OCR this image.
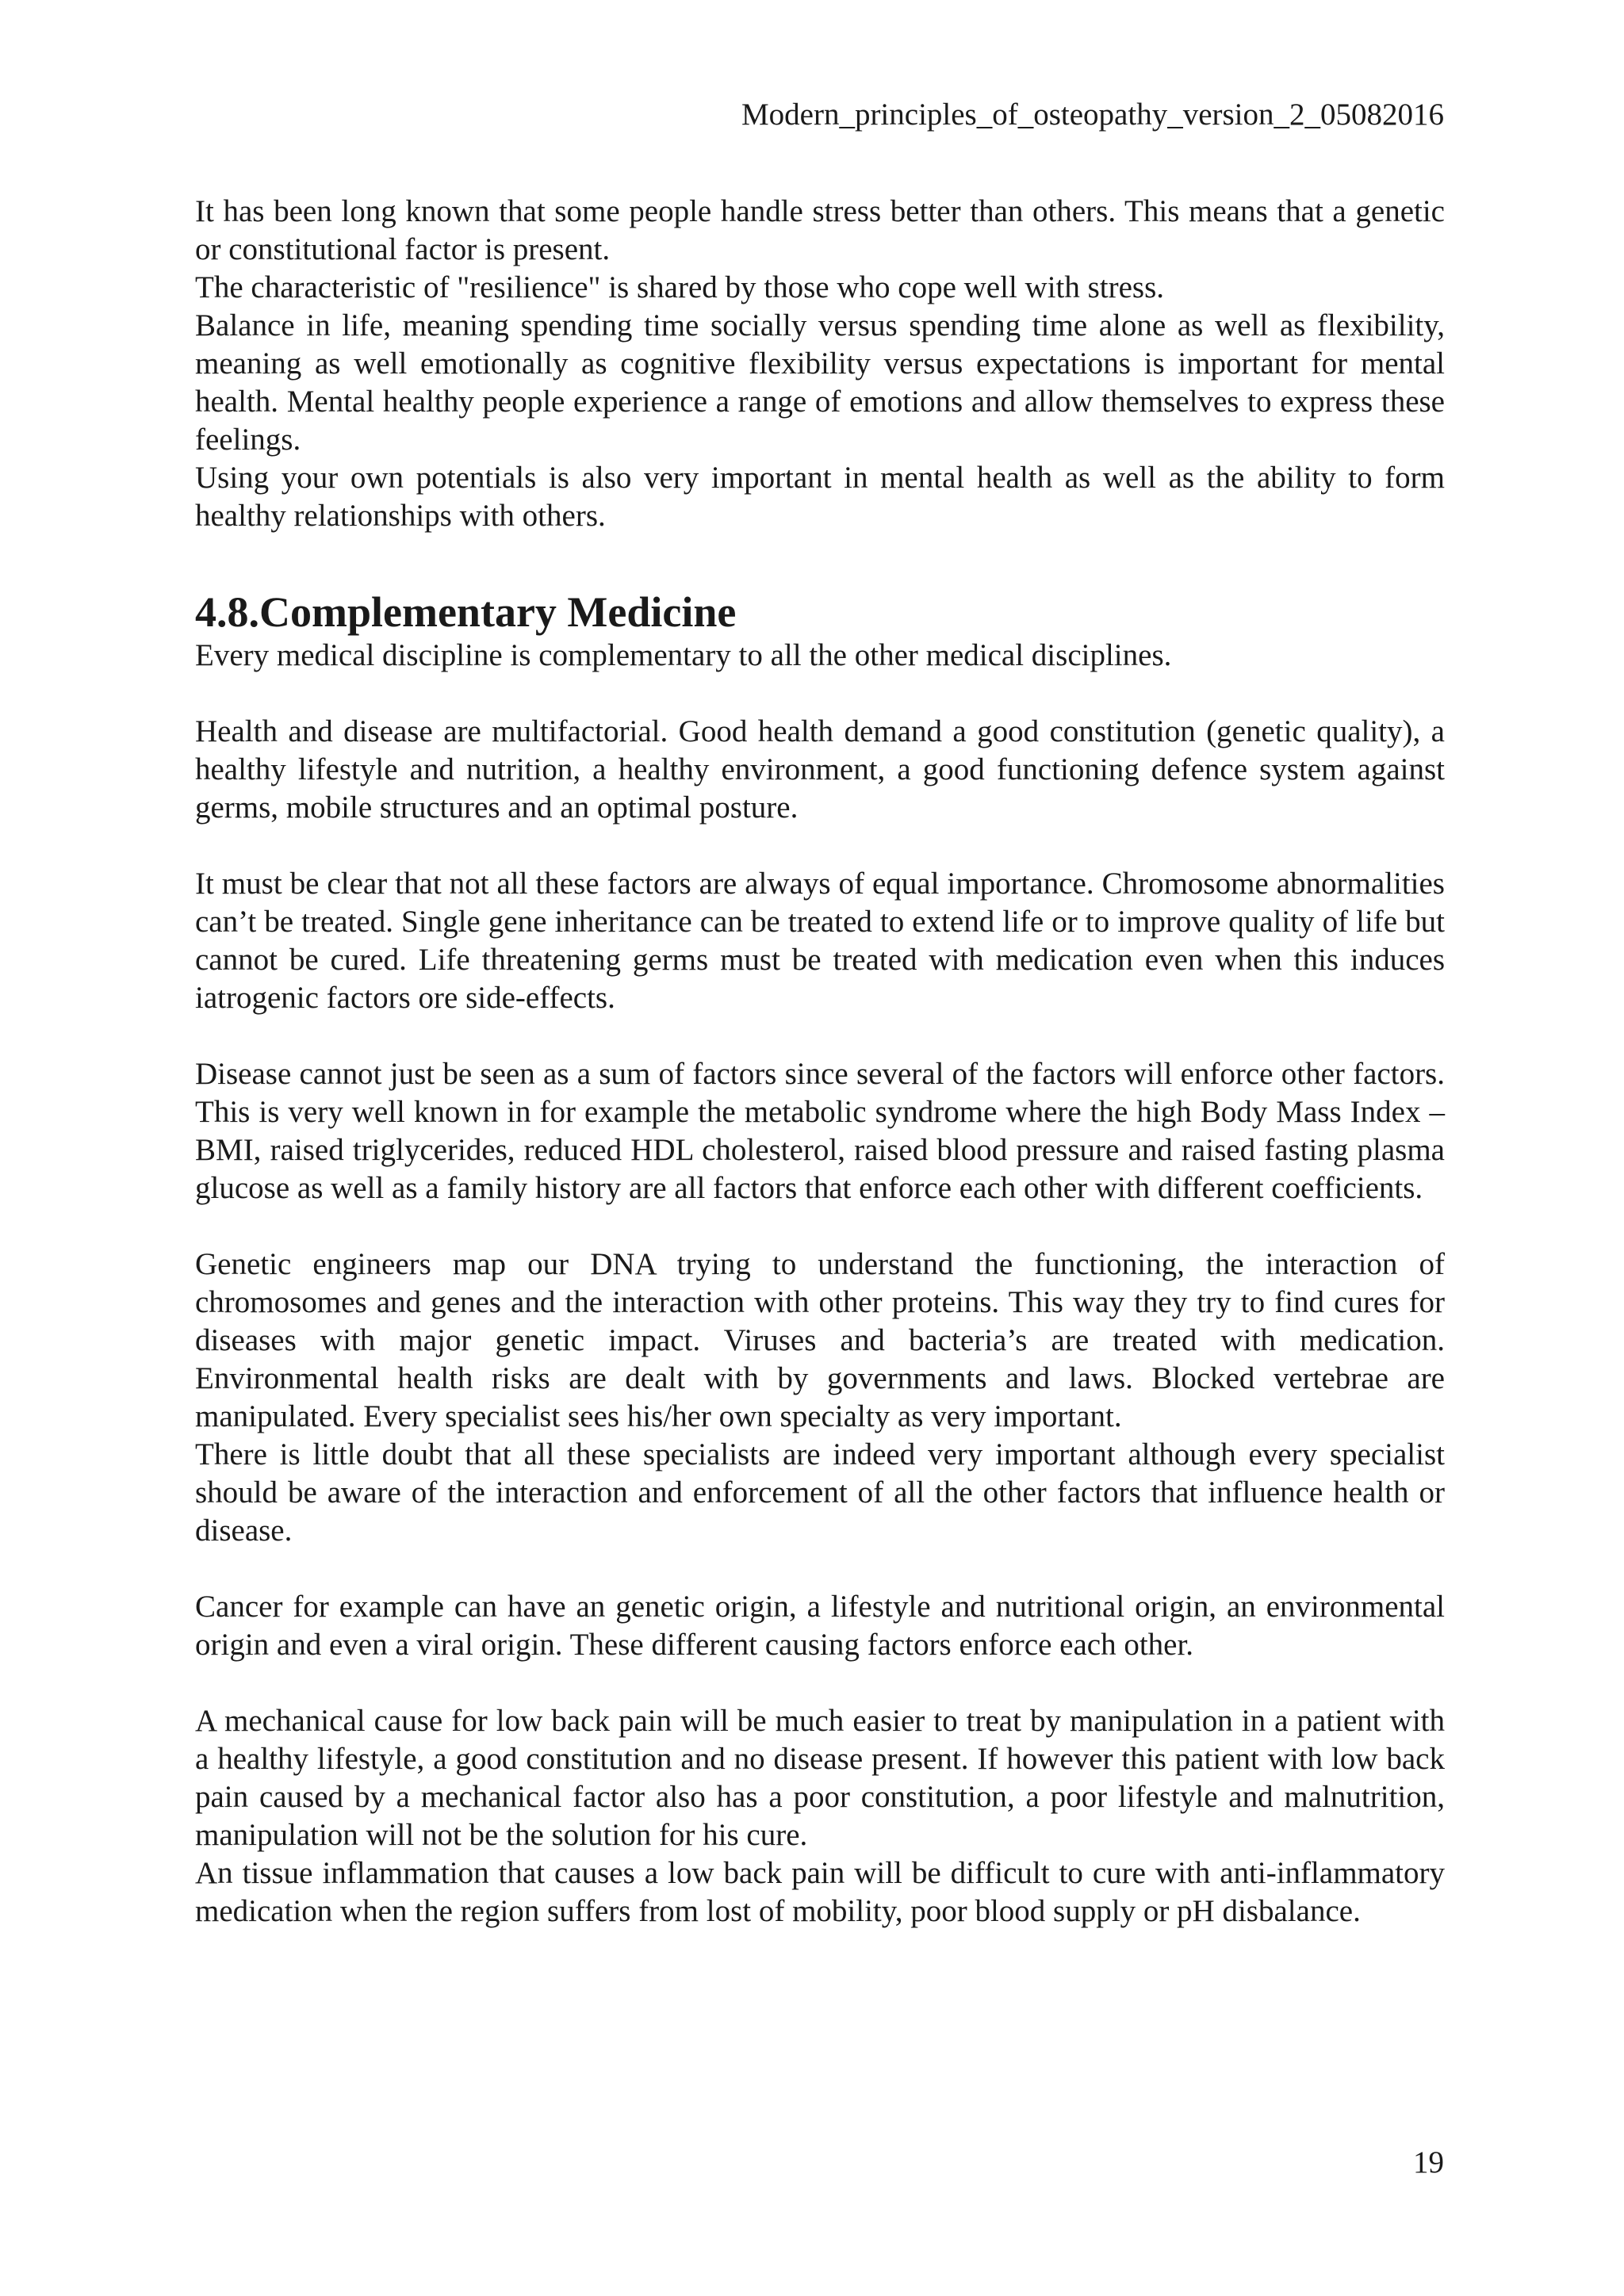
Modern_principles_of_osteopathy_version_2_05082016

It has been long known that some people handle stress better than others. This means that a genetic or constitutional factor is present.

The characteristic of "resilience" is shared by those who cope well with stress.

Balance in life, meaning spending time socially versus spending time alone as well as flexibility, meaning as well emotionally as cognitive flexibility versus expectations is important for mental health. Mental healthy people experience a range of emotions and allow themselves to express these feelings.

Using your own potentials is also very important in mental health as well as the ability to form healthy relationships with others.

4.8.Complementary Medicine

Every medical discipline is complementary to all the other medical disciplines.

Health and disease are multifactorial. Good health demand a good constitution (genetic quality), a healthy lifestyle and nutrition, a healthy environment, a good functioning defence system against germs, mobile structures and an optimal posture.

It must be clear that not all these factors are always of equal importance. Chromosome abnormalities can’t be treated. Single gene inheritance can be treated to extend life or to improve quality of life but cannot be cured. Life threatening germs must be treated with medication even when this induces iatrogenic factors ore side-effects.

Disease cannot just be seen as a sum of factors since several of the factors will enforce other factors. This is very well known in for example the metabolic syndrome where the high Body Mass Index – BMI, raised triglycerides, reduced HDL cholesterol, raised blood pressure and raised fasting plasma glucose as well as a family history are all factors that enforce each other with different coefficients.

Genetic engineers map our DNA trying to understand the functioning, the interaction of chromosomes and genes and the interaction with other proteins. This way they try to find cures for diseases with major genetic impact. Viruses and bacteria’s are treated with medication. Environmental health risks are dealt with by governments and laws. Blocked vertebrae are manipulated. Every specialist sees his/her own specialty as very important.

There is little doubt that all these specialists are indeed very important although every specialist should be aware of the interaction and enforcement of all the other factors that influence health or disease.

Cancer for example can have an genetic origin, a lifestyle and nutritional origin, an environmental origin and even a viral origin. These different causing factors enforce each other.

A mechanical cause for low back pain will be much easier to treat by manipulation in a patient with a healthy lifestyle, a good constitution and no disease present. If however this patient with low back pain caused by a mechanical factor also has a poor constitution, a poor lifestyle and malnutrition, manipulation will not be the solution for his cure.

An tissue inflammation that causes a low back pain will be difficult to cure with anti-inflammatory medication when the region suffers from lost of mobility, poor blood supply or pH disbalance.

19
